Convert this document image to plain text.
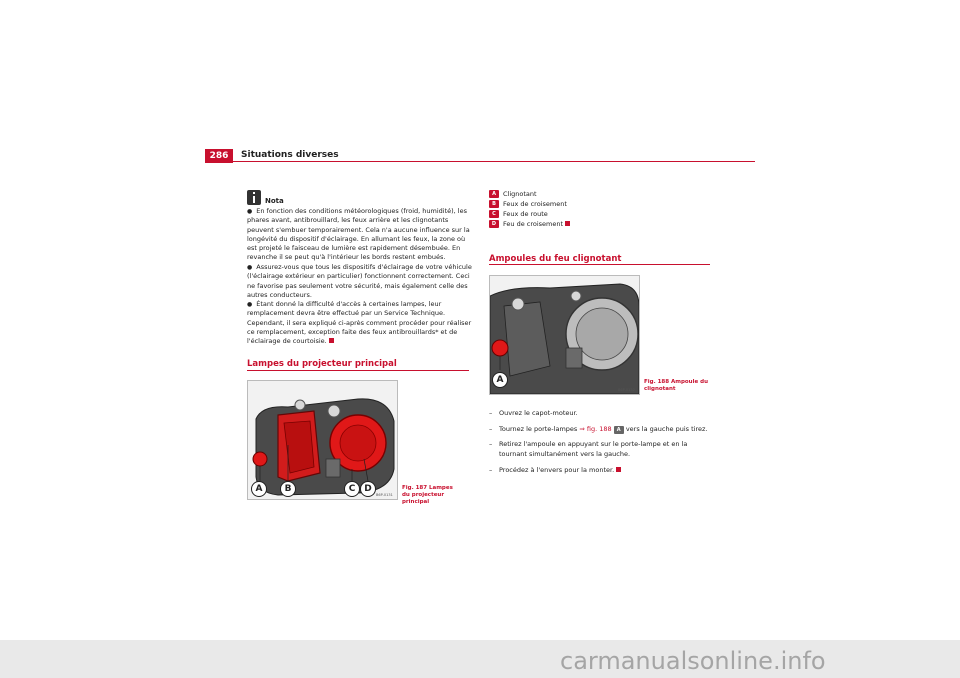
286	Situations diverses
Nota
● En fonction des conditions météorologiques (froid, humidité), les phares avant, antibrouillard, les feux arrière et les clignotants peuvent s'embuer temporairement. Cela n'a aucune influence sur la longévité du dispositif d'éclairage. En allumant les feux, la zone où est projeté le faisceau de lumière est rapidement désembuée. En revanche il se peut qu'à l'intérieur les bords restent embués.
● Assurez-vous que tous les dispositifs d'éclairage de votre véhicule (l'éclairage extérieur en particulier) fonctionnent correctement. Ceci ne favorise pas seulement votre sécurité, mais également celle des autres conducteurs.
● Étant donné la difficulté d'accès à certaines lampes, leur remplacement devra être effectué par un Service Technique. Cependant, il sera expliqué ci-après comment procéder pour réaliser ce remplacement, exception faite des feux antibrouillards* et de l'éclairage de courtoisie.
Lampes du projecteur principal
A	B	C D
B6P-0131
Fig. 187 Lampes du projecteur principal
A Clignotant
B Feux de croisement
C Feux de route
D Feu de croisement
Ampoules du feu clignotant
A
B6P-0132
Fig. 188 Ampoule du clignotant
– Ouvrez le capot-moteur.
– Tournez le porte-lampes ⇒ fig. 188 A vers la gauche puis tirez.
– Retirez l'ampoule en appuyant sur le porte-lampe et en la tournant simultanément vers la gauche.
– Procédez à l'envers pour la monter.
carmanualsonline.info
